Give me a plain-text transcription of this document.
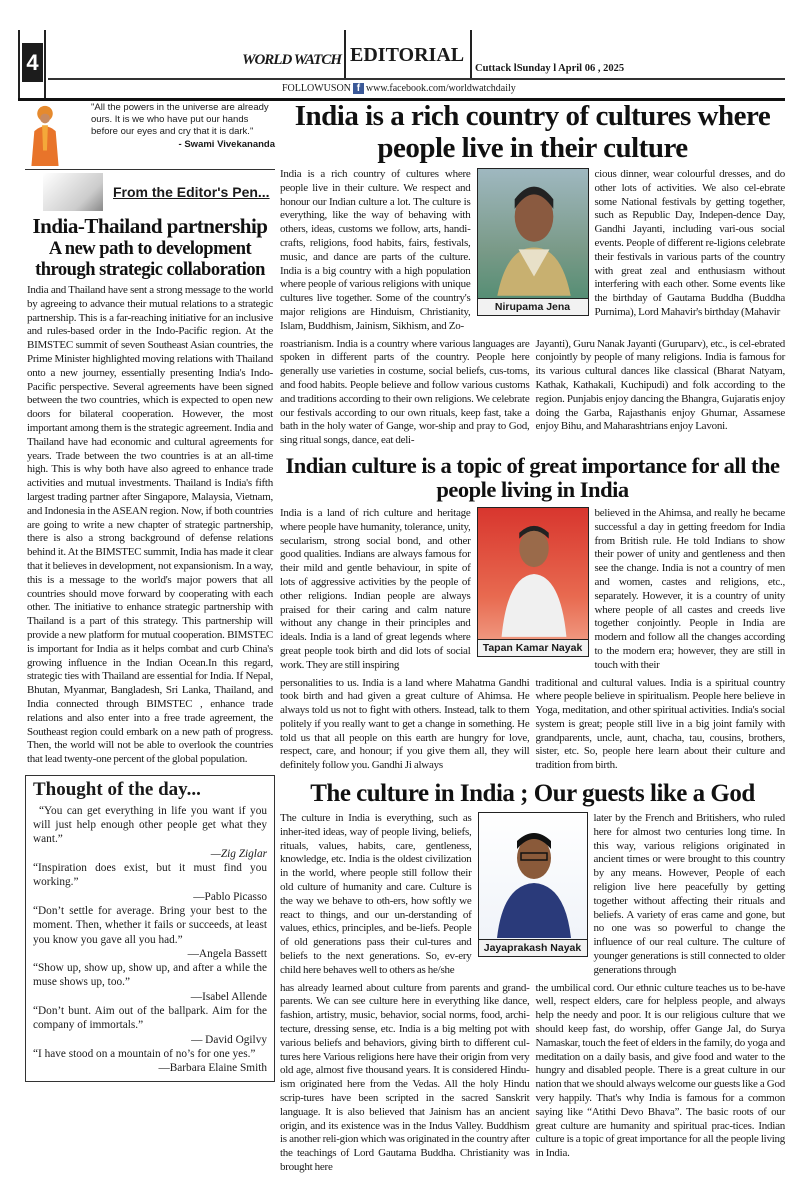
4	WORLD WATCH EDITORIAL
Cuttack lSunday l April 06 , 2025
FOLLOWUSON f www.facebook.com/worldwatchdaily
"All the powers in the universe are already ours. It is we who have put our hands before our eyes and cry that it is dark."
- Swami Vivekananda
From the Editor's Pen...
India-Thailand partnership
A new path to development through strategic collaboration
India and Thailand have sent a strong message to the world by agreeing to advance their mutual relations to a strategic partnership. This is a far-reaching initiative for an inclusive and rules-based order in the Indo-Pacific region. At the BIMSTEC summit of seven Southeast Asian countries, the Prime Minister highlighted moving relations with Thailand onto a new journey, essentially presenting India's Indo-Pacific perspective. Several agreements have been signed between the two countries, which is expected to open new doors for bilateral cooperation. However, the most important among them is the strategic agreement. India and Thailand have had economic and cultural agreements for years. Trade between the two countries is at an all-time high. This is why both have also agreed to enhance trade activities and mutual investments. Thailand is India's fifth largest trading partner after Singapore, Malaysia, Vietnam, and Indonesia in the ASEAN region. Now, if both countries are going to write a new chapter of strategic partnership, there is also a strong background of defense relations behind it. At the BIMSTEC summit, India has made it clear that it believes in development, not expansionism. In a way, this is a message to the world's major powers that all countries should move forward by cooperating with each other. The initiative to enhance strategic partnership with Thailand is a part of this strategy. This partnership will provide a new platform for mutual cooperation. BIMSTEC is important for India as it helps combat and curb China's growing influence in the Indian Ocean.In this regard, strategic ties with Thailand are essential for India. If Nepal, Bhutan, Myanmar, Bangladesh, Sri Lanka, Thailand, and India connected through BIMSTEC , enhance trade relations and also enter into a free trade agreement, the Southeast region could embark on a new path of progress. Then, the world will not be able to overlook the countries that lead twenty-one percent of the global population.
Thought of the day...
“You can get everything in life you want if you will just help enough other people get what they want.”
—Zig Ziglar
“Inspiration does exist, but it must find you working.”
—Pablo Picasso
“Don’t settle for average. Bring your best to the moment. Then, whether it fails or succeeds, at least you know you gave all you had.”
—Angela Bassett
“Show up, show up, show up, and after a while the muse shows up, too.”
—Isabel Allende
“Don’t bunt. Aim out of the ballpark. Aim for the company of immortals.”
— David Ogilvy
“I have stood on a mountain of no’s for one yes.”
—Barbara Elaine Smith
India is a rich country of cultures where people live in their culture
India is a rich country of cultures where people live in their culture. We respect and honour our Indian culture a lot. The culture is everything, like the way of behaving with others, ideas, customs we follow, arts, handi-crafts, religions, food habits, fairs, festivals, music, and dance are parts of the culture. India is a big country with a high population where people of various religions with unique cultures live together. Some of the country's major religions are Hinduism, Christianity, Islam, Buddhism, Jainism, Sikhism, and Zo-
Nirupama Jena
cious dinner, wear colourful dresses, and do other lots of activities. We also cel-ebrate some National festivals by getting together, such as Republic Day, Indepen-dence Day, Gandhi Jayanti, including vari-ous social events. People of different re-ligions celebrate their festivals in various parts of the country with great zeal and enthusiasm without interfering with each other. Some events like the birthday of Gautama Buddha (Buddha Purnima), Lord Mahavir's birthday (Mahavir
roastrianism. India is a country where various languages are spoken in different parts of the country. People here generally use varieties in costume, social beliefs, cus-toms, and food habits. People believe and follow various customs and traditions according to their own religions. We celebrate our festivals according to our own rituals, keep fast, take a bath in the holy water of Gange, wor-ship and pray to God, sing ritual songs, dance, eat deli-
Jayanti), Guru Nanak Jayanti (Guruparv), etc., is cel-ebrated conjointly by people of many religions. India is famous for its various cultural dances like classical (Bharat Natyam, Kathak, Kathakali, Kuchipudi) and folk according to the region. Punjabis enjoy dancing the Bhangra, Gujaratis enjoy doing the Garba, Rajasthanis enjoy Ghumar, Assamese enjoy Bihu, and Maharashtrians enjoy Lavoni.
Indian culture is a topic of great importance for all the people living in India
India is a land of rich culture and heritage where people have humanity, tolerance, unity, secularism, strong social bond, and other good qualities. Indians are always famous for their mild and gentle behaviour, in spite of lots of aggressive activities by the people of other religions. Indian people are always praised for their caring and calm nature without any change in their principles and ideals. India is a land of great legends where great people took birth and did lots of social work. They are still inspiring
Tapan Kamar Nayak
believed in the Ahimsa, and really he became successful a day in getting freedom for India from British rule. He told Indians to show their power of unity and gentleness and then see the change. India is not a country of men and women, castes and religions, etc., separately. However, it is a country of unity where people of all castes and creeds live together conjointly. People in India are modern and follow all the changes according to the modern era; however, they are still in touch with their
personalities to us. India is a land where Mahatma Gandhi took birth and had given a great culture of Ahimsa. He always told us not to fight with others. Instead, talk to them politely if you really want to get a change in something. He told us that all people on this earth are hungry for love, respect, care, and honour; if you give them all, they will definitely follow you. Gandhi Ji always
traditional and cultural values. India is a spiritual country where people believe in spiritualism. People here believe in Yoga, meditation, and other spiritual activities. India's social system is great; people still live in a big joint family with grandparents, uncle, aunt, chacha, tau, cousins, brothers, sister, etc. So, people here learn about their culture and tradition from birth.
The culture in India ; Our guests like a God
The culture in India is everything, such as inher-ited ideas, way of people living, beliefs, rituals, values, habits, care, gentleness, knowledge, etc. India is the oldest civilization in the world, where people still follow their old culture of humanity and care. Culture is the way we behave to oth-ers, how softly we react to things, and our un-derstanding of values, ethics, principles, and be-liefs. People of old generations pass their cul-tures and beliefs to the next generations. So, ev-ery child here behaves well to others as he/she
Jayaprakash Nayak
later by the French and Britishers, who ruled here for almost two centuries long time. In this way, various religions originated in ancient times or were brought to this country by any means. However, People of each religion live here peacefully by getting together without affecting their rituals and beliefs. A variety of eras came and gone, but no one was so powerful to change the influence of our real culture. The culture of younger generations is still connected to older generations through
has already learned about culture from parents and grand-parents. We can see culture here in everything like dance, fashion, artistry, music, behavior, social norms, food, archi-tecture, dressing sense, etc. India is a big melting pot with various beliefs and behaviors, giving birth to different cul-tures here Various religions here have their origin from very old age, almost five thousand years. It is considered Hindu-ism originated here from the Vedas. All the holy Hindu scrip-tures have been scripted in the sacred Sanskrit language. It is also believed that Jainism has an ancient origin, and its existence was in the Indus Valley. Buddhism is another reli-gion which was originated in the country after the teachings of Lord Gautama Buddha. Christianity was brought here
the umbilical cord. Our ethnic culture teaches us to be-have well, respect elders, care for helpless people, and always help the needy and poor. It is our religious culture that we should keep fast, do worship, offer Gange Jal, do Surya Namaskar, touch the feet of elders in the family, do yoga and meditation on a daily basis, and give food and water to the hungry and disabled people. There is a great culture in our nation that we should always welcome our guests like a God very happily. That's why India is famous for a common saying like “Atithi Devo Bhava”. The basic roots of our great culture are humanity and spiritual prac-tices. Indian culture is a topic of great importance for all the people living in India.
